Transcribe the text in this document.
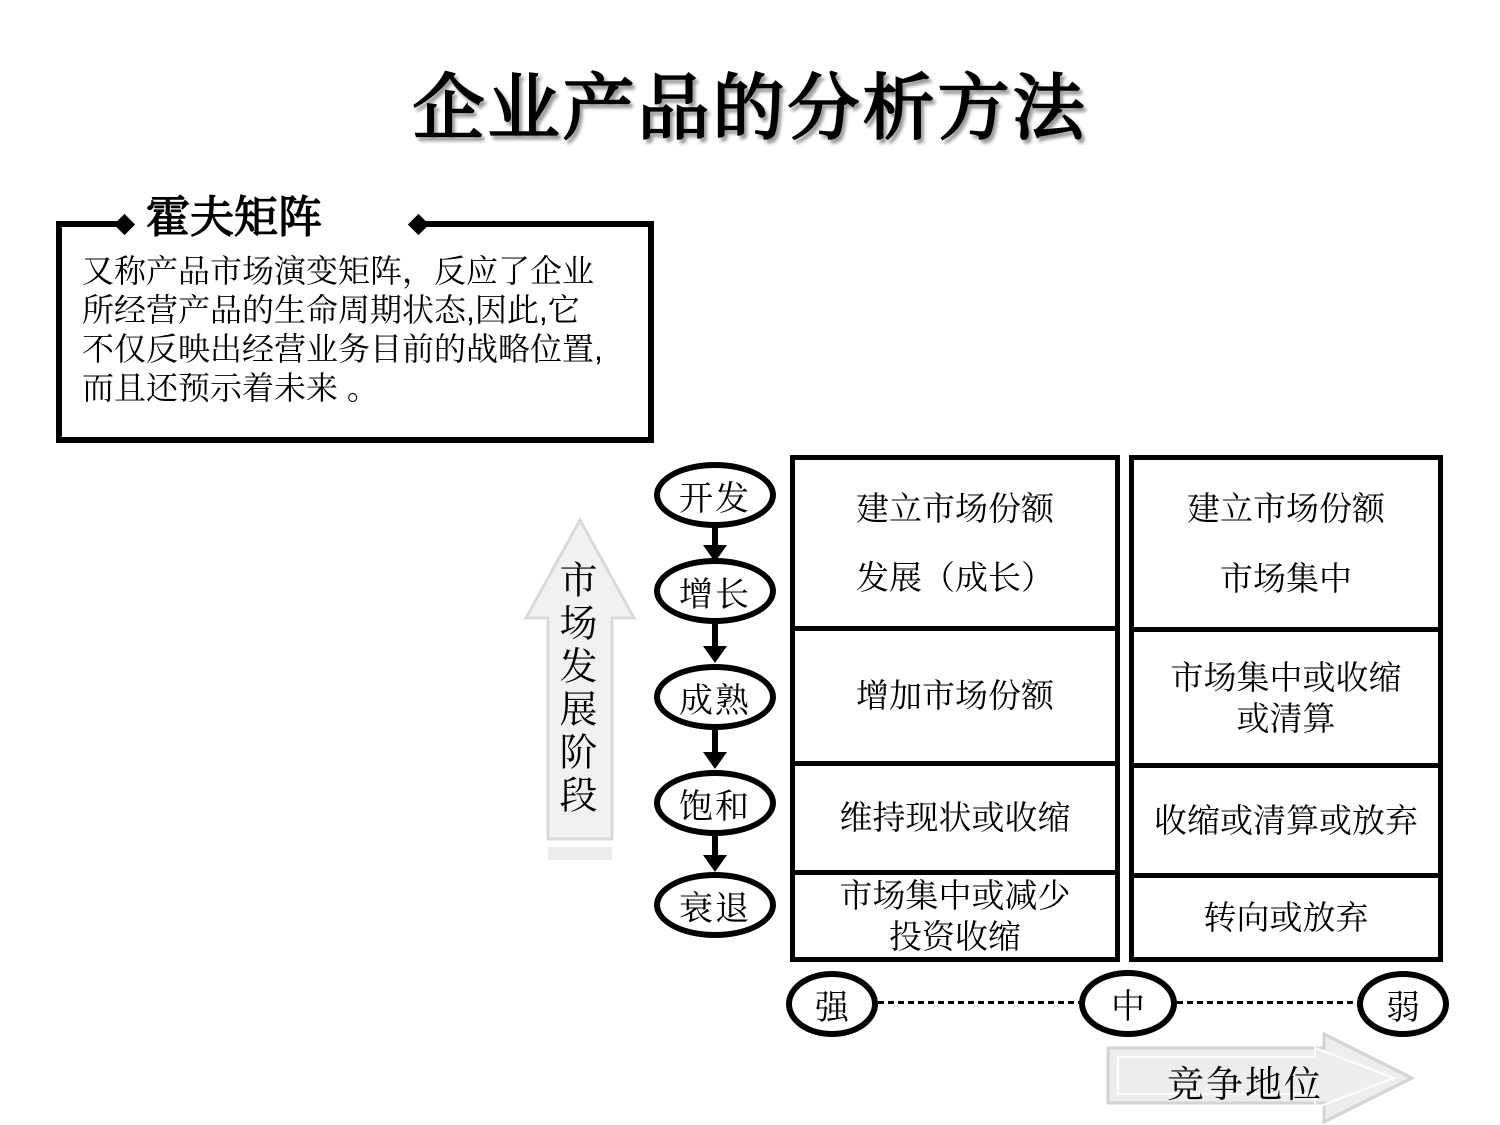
企业产品的分析方法
霍夫矩阵
又称产品市场演变矩阵，反应了企业
所经营产品的生命周期状态,因此,它
不仅反映出经营业务目前的战略位置,
而且还预示着未来 。
市场发展阶段
开发
增长
成熟
饱和
衰退
建立市场份额
发展（成长）
增加市场份额
维持现状或收缩
市场集中或减少
投资收缩
建立市场份额
市场集中
市场集中或收缩
或清算
收缩或清算或放弃
转向或放弃
强	中	弱
竞争地位
